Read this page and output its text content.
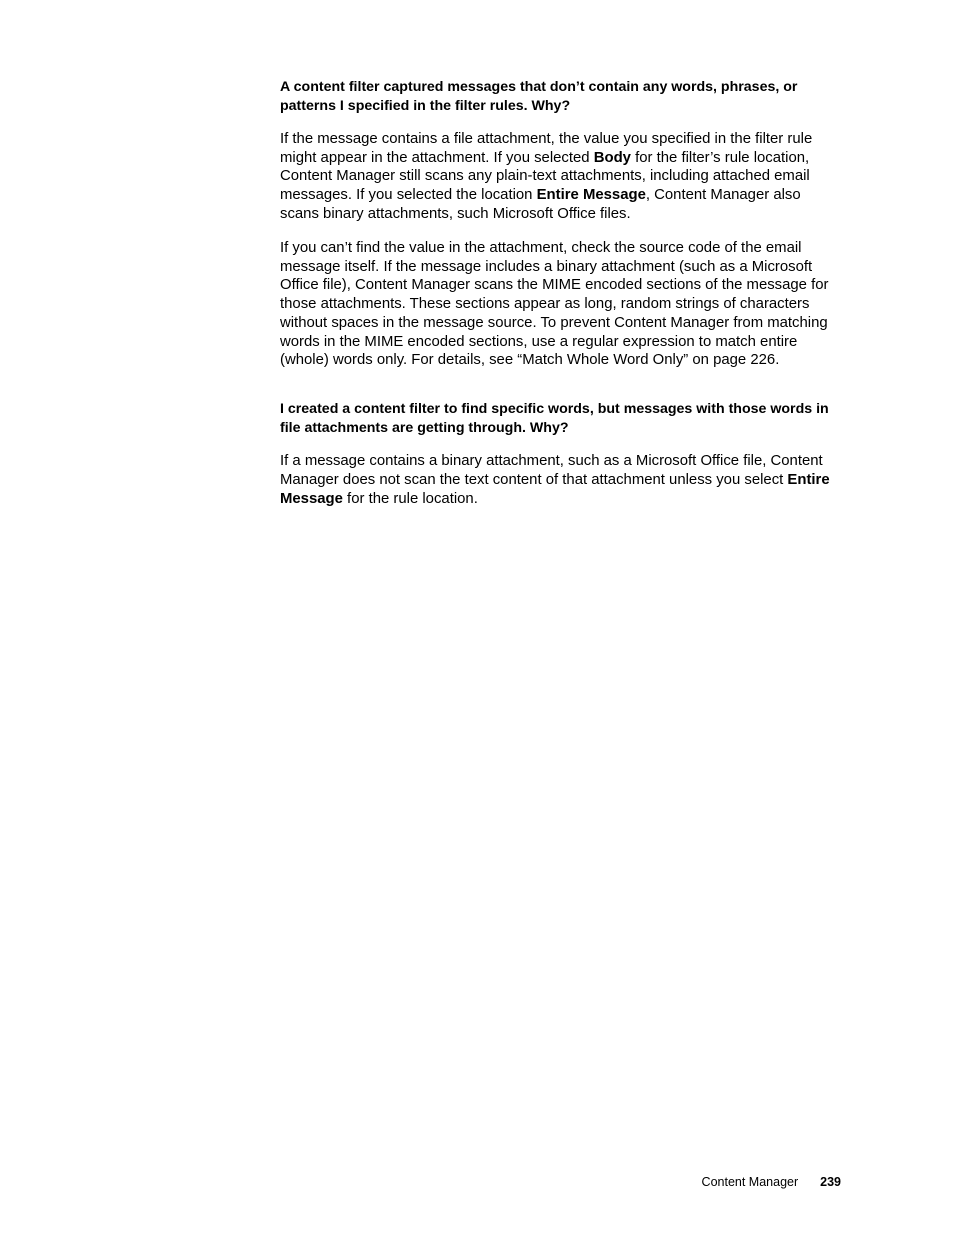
A content filter captured messages that don’t contain any words, phrases, or patterns I specified in the filter rules. Why?

If the message contains a file attachment, the value you specified in the filter rule might appear in the attachment. If you selected Body for the filter’s rule location, Content Manager still scans any plain-text attachments, including attached email messages. If you selected the location Entire Message, Content Manager also scans binary attachments, such Microsoft Office files.

If you can’t find the value in the attachment, check the source code of the email message itself. If the message includes a binary attachment (such as a Microsoft Office file), Content Manager scans the MIME encoded sections of the message for those attachments. These sections appear as long, random strings of characters without spaces in the message source. To prevent Content Manager from matching words in the MIME encoded sections, use a regular expression to match entire (whole) words only. For details, see “Match Whole Word Only” on page 226.

I created a content filter to find specific words, but messages with those words in file attachments are getting through. Why?

If a message contains a binary attachment, such as a Microsoft Office file, Content Manager does not scan the text content of that attachment unless you select Entire Message for the rule location.

Content Manager 239
